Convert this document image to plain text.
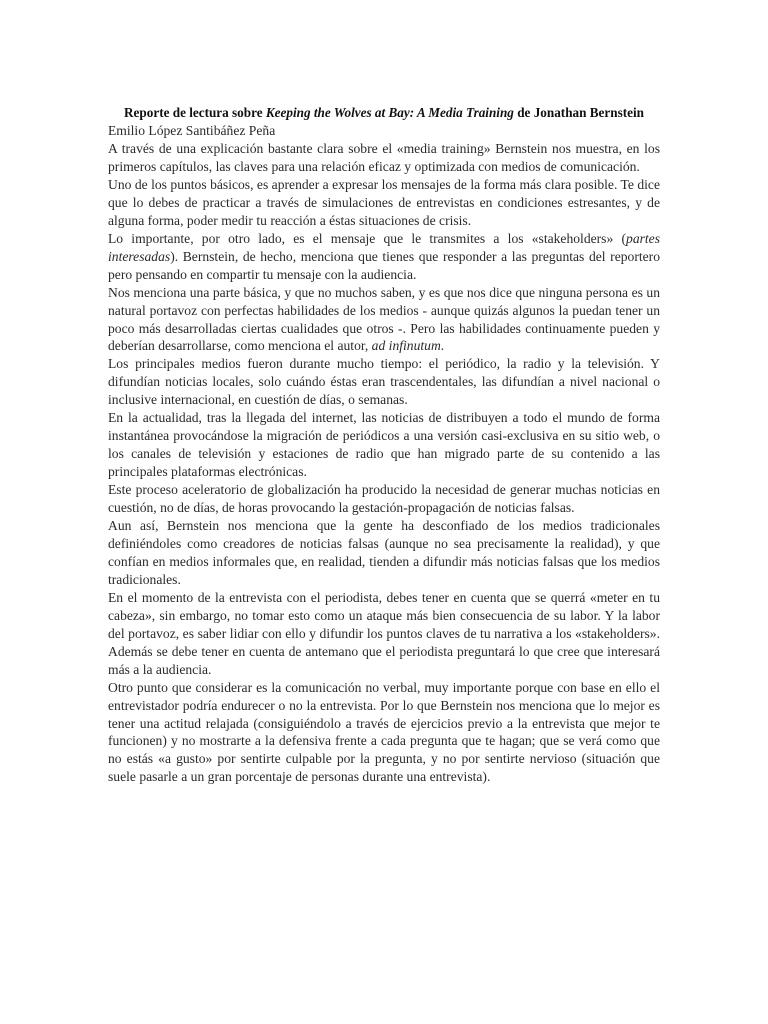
Reporte de lectura sobre Keeping the Wolves at Bay: A Media Training de Jonathan Bernstein

Emilio López Santibáñez Peña

A través de una explicación bastante clara sobre el «media training» Bernstein nos muestra, en los primeros capítulos, las claves para una relación eficaz y optimizada con medios de comunicación.

Uno de los puntos básicos, es aprender a expresar los mensajes de la forma más clara posible. Te dice que lo debes de practicar a través de simulaciones de entrevistas en condiciones estresantes, y de alguna forma, poder medir tu reacción a éstas situaciones de crisis.

Lo importante, por otro lado, es el mensaje que le transmites a los «stakeholders» (partes interesadas). Bernstein, de hecho, menciona que tienes que responder a las preguntas del reportero pero pensando en compartir tu mensaje con la audiencia.

Nos menciona una parte básica, y que no muchos saben, y es que nos dice que ninguna persona es un natural portavoz con perfectas habilidades de los medios - aunque quizás algunos la puedan tener un poco más desarrolladas ciertas cualidades que otros -. Pero las habilidades continuamente pueden y deberían desarrollarse, como menciona el autor, ad infinutum.

Los principales medios fueron durante mucho tiempo: el periódico, la radio y la televisión. Y difundían noticias locales, solo cuándo éstas eran trascendentales, las difundían a nivel nacional o inclusive internacional, en cuestión de días, o semanas.

En la actualidad, tras la llegada del internet, las noticias de distribuyen a todo el mundo de forma instantánea provocándose la migración de periódicos a una versión casi-exclusiva en su sitio web, o los canales de televisión y estaciones de radio que han migrado parte de su contenido a las principales plataformas electrónicas.

Este proceso aceleratorio de globalización ha producido la necesidad de generar muchas noticias en cuestión, no de días, de horas provocando la gestación-propagación de noticias falsas.

Aun así, Bernstein nos menciona que la gente ha desconfiado de los medios tradicionales definiéndoles como creadores de noticias falsas (aunque no sea precisamente la realidad), y que confían en medios informales que, en realidad, tienden a difundir más noticias falsas que los medios tradicionales.

En el momento de la entrevista con el periodista, debes tener en cuenta que se querrá «meter en tu cabeza», sin embargo, no tomar esto como un ataque más bien consecuencia de su labor. Y la labor del portavoz, es saber lidiar con ello y difundir los puntos claves de tu narrativa a los «stakeholders». Además se debe tener en cuenta de antemano que el periodista preguntará lo que cree que interesará más a la audiencia.

Otro punto que considerar es la comunicación no verbal, muy importante porque con base en ello el entrevistador podría endurecer o no la entrevista. Por lo que Bernstein nos menciona que lo mejor es tener una actitud relajada (consiguiéndolo a través de ejercicios previo a la entrevista que mejor te funcionen) y no mostrarte a la defensiva frente a cada pregunta que te hagan; que se verá como que no estás «a gusto» por sentirte culpable por la pregunta, y no por sentirte nervioso (situación que suele pasarle a un gran porcentaje de personas durante una entrevista).
